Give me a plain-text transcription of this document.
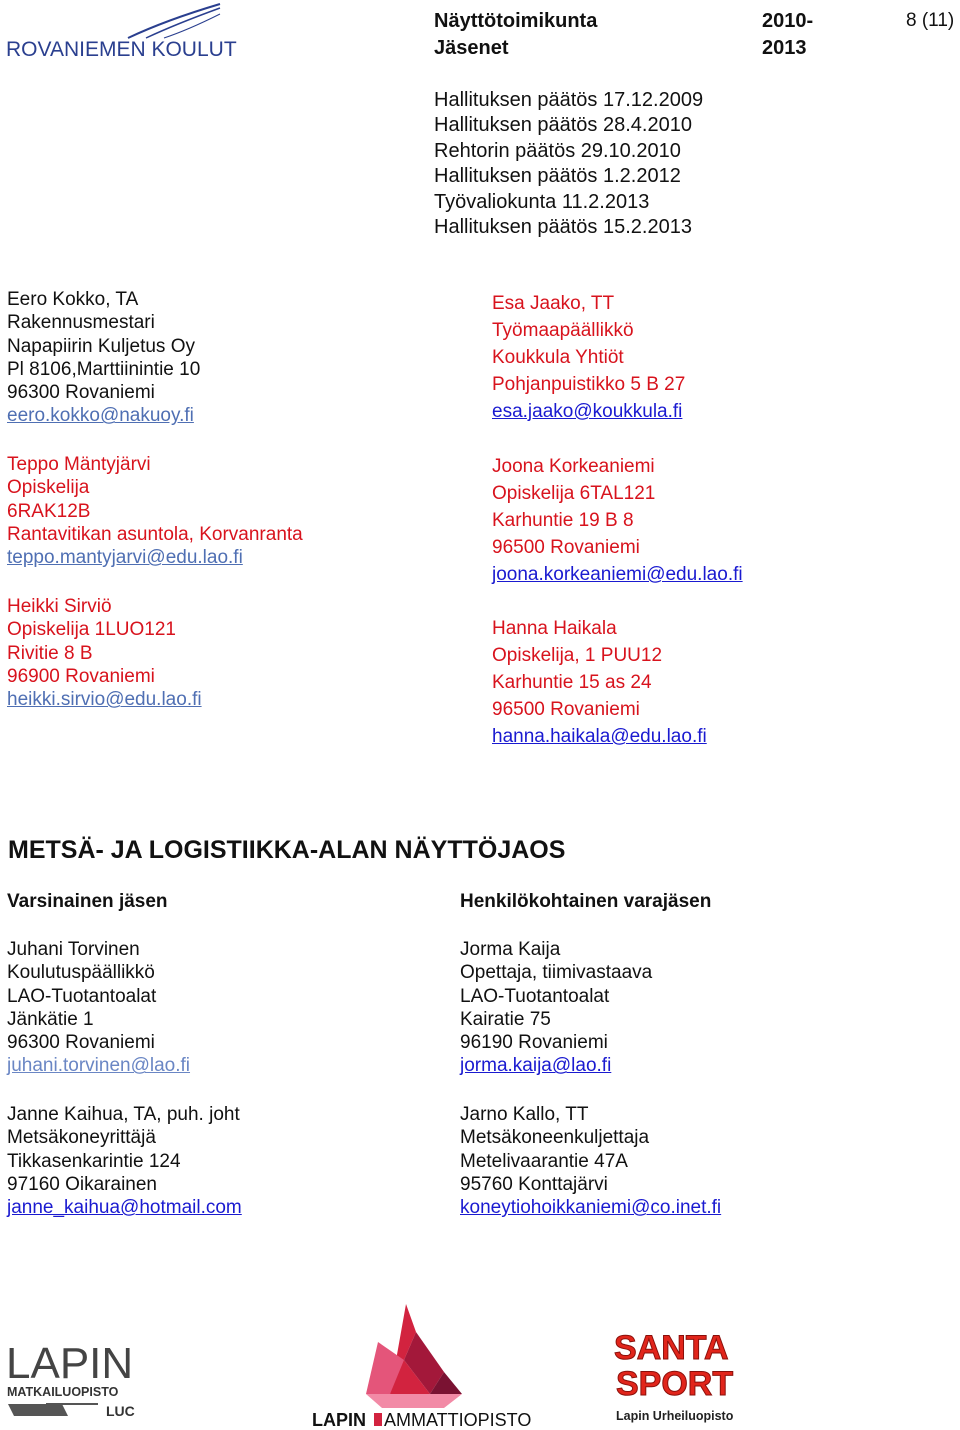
ROVANIEMEN KOULUT
Näyttötoimikunta
Jäsenet
2010-
2013
8 (11)
Hallituksen päätös 17.12.2009
Hallituksen päätös 28.4.2010
Rehtorin päätös 29.10.2010
Hallituksen päätös 1.2.2012
Työvaliokunta 11.2.2013
Hallituksen päätös 15.2.2013
Eero Kokko, TA
Rakennusmestari
Napapiirin Kuljetus Oy
Pl 8106,Marttiinintie 10
96300 Rovaniemi
eero.kokko@nakuoy.fi
Teppo Mäntyjärvi
Opiskelija
6RAK12B
Rantavitikan asuntola, Korvanranta
teppo.mantyjarvi@edu.lao.fi
Heikki Sirviö
Opiskelija 1LUO121
Rivitie 8 B
96900 Rovaniemi
heikki.sirvio@edu.lao.fi
Esa Jaako, TT
Työmaapäällikkö
Koukkula Yhtiöt
Pohjanpuistikko 5 B 27
esa.jaako@koukkula.fi
Joona Korkeaniemi
Opiskelija 6TAL121
Karhuntie 19 B 8
96500 Rovaniemi
joona.korkeaniemi@edu.lao.fi
Hanna Haikala
Opiskelija, 1 PUU12
Karhuntie 15 as 24
96500 Rovaniemi
hanna.haikala@edu.lao.fi
METSÄ- JA LOGISTIIKKA-ALAN NÄYTTÖJAOS
Varsinainen jäsen	Henkilökohtainen varajäsen
Juhani Torvinen
Koulutuspäällikkö
LAO-Tuotantoalat
Jänkätie 1
96300 Rovaniemi
juhani.torvinen@lao.fi
Janne Kaihua, TA, puh. joht
Metsäkoneyrittäjä
Tikkasenkarintie 124
97160 Oikarainen
janne_kaihua@hotmail.com
Jorma Kaija
Opettaja, tiimivastaava
LAO-Tuotantoalat
Kairatie 75
96190 Rovaniemi
jorma.kaija@lao.fi
Jarno Kallo, TT
Metsäkoneenkuljettaja
Metelivaarantie 47A
95760 Konttajärvi
koneytiohoikkaniemi@co.inet.fi
LAPIN
MATKAILUOPISTO
LUC	LAPIN AMMATTIOPISTO
SANTA
SPORT
Lapin Urheiluopisto
